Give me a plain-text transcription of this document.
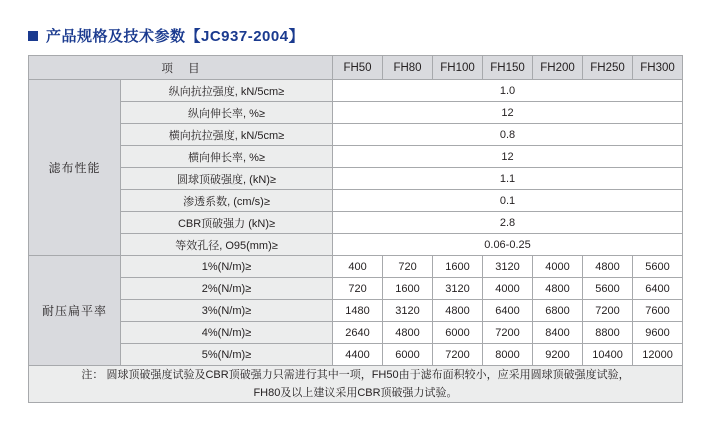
产品规格及技术参数【JC937-2004】
项 目		FH50	FH80	FH100	FH150	FH200	FH250	FH300
滤布性能	纵向抗拉强度, kN/5cm≥	1.0						
	纵向伸长率, %≥	12						
	横向抗拉强度, kN/5cm≥	0.8						
	横向伸长率, %≥	12						
	圆球顶破强度, (kN)≥	1.1						
	渗透系数, (cm/s)≥	0.1						
	CBR顶破强力 (kN)≥	2.8						
	等效孔径, O95(mm)≥	0.06-0.25						
耐压扁平率	1%(N/m)≥	400	720	1600	3120	4000	4800	5600
	2%(N/m)≥	720	1600	3120	4000	4800	5600	6400
	3%(N/m)≥	1480	3120	4800	6400	6800	7200	7600
	4%(N/m)≥	2640	4800	6000	7200	8400	8800	9600
	5%(N/m)≥	4400	6000	7200	8000	9200	10400	12000
注： 圆球顶破强度试验及CBR顶破强力只需进行其中一项，FH50由于滤布面积较小，应采用圆球顶破强度试验，
FH80及以上建议采用CBR顶破强力试验。								
